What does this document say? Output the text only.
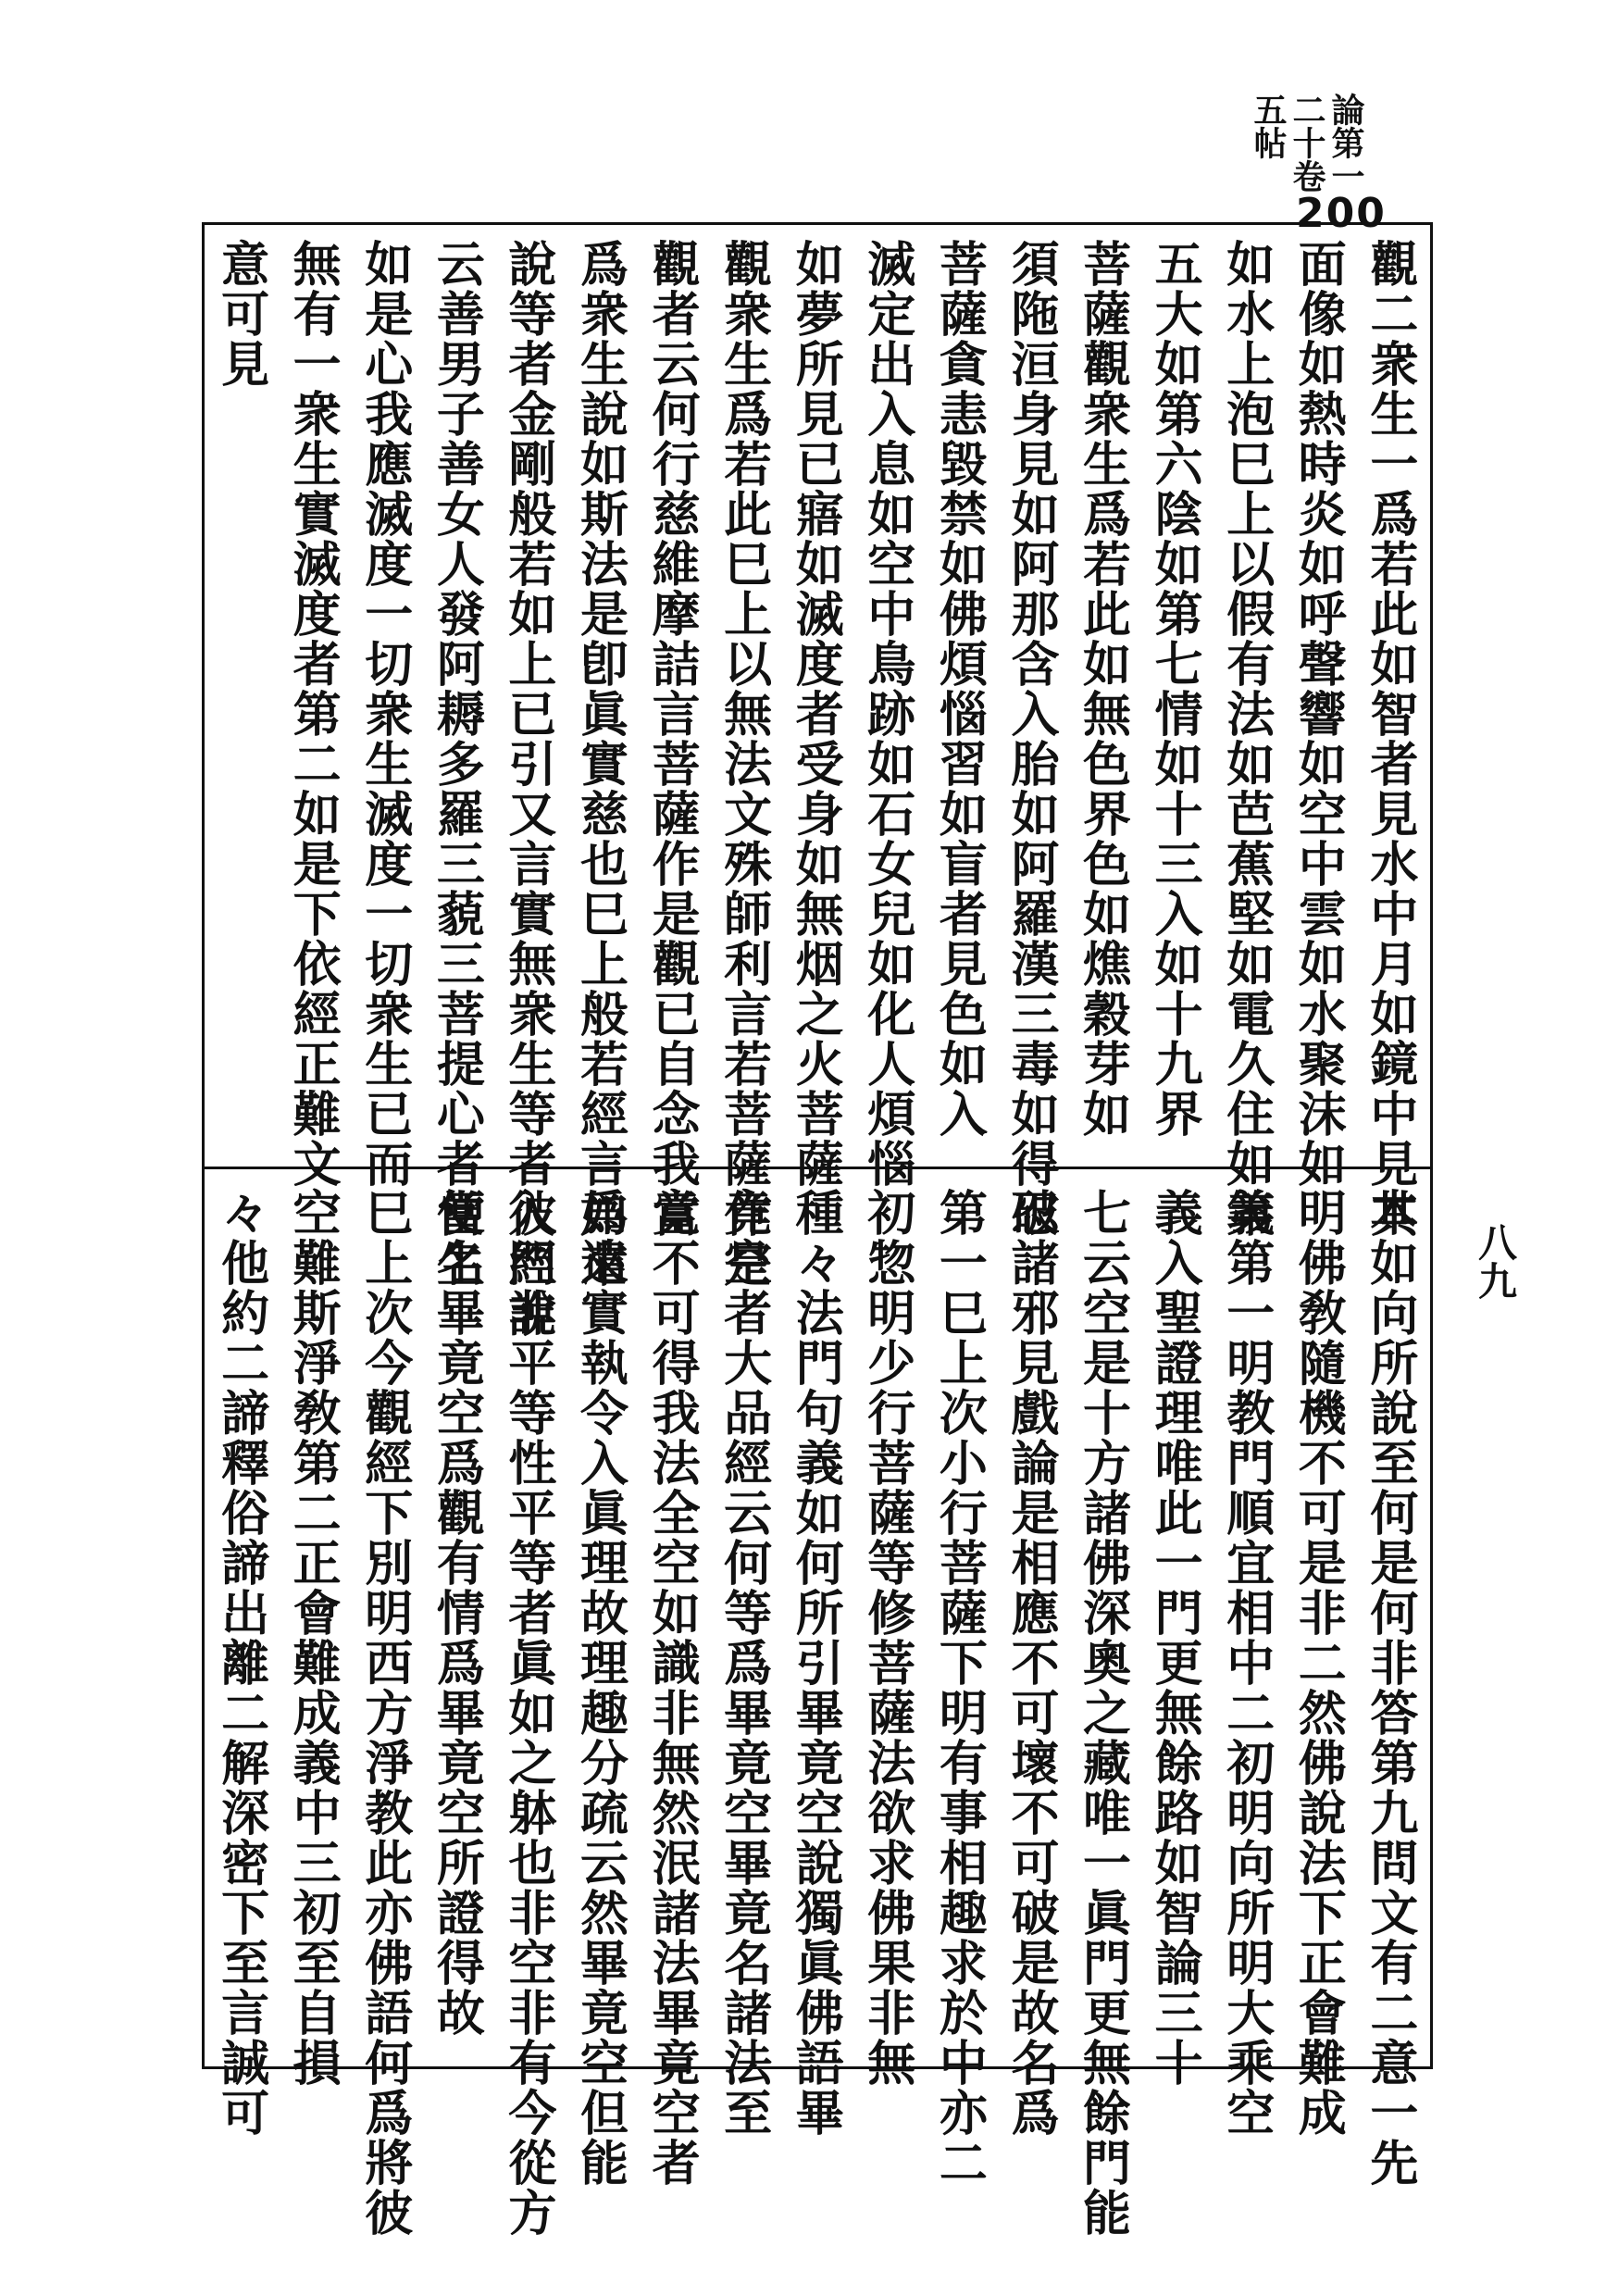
論第一
二十卷
五帖
200
觀二衆生一爲若此如智者見水中月如鏡中見其
面像如熱時炎如呼聲響如空中雲如水聚沫如
如水上泡巳上以假有法如芭蕉堅如電久住如第
五大如第六陰如第七情如十三入如十九界
菩薩觀衆生爲若此如無色界色如燋穀芽如
須陁洹身見如阿那含入胎如阿羅漢三毒如得忍
菩薩貪恚毀禁如佛煩惱習如盲者見色如入
滅定出入息如空中鳥跡如石女兒如化人煩惱
如夢所見已寤如滅度者受身如無烟之火菩薩
觀衆生爲若此巳上以無法文殊師利言若菩薩作是
觀者云何行慈維摩詰言菩薩作是觀已自念我當
爲衆生說如斯法是卽眞實慈也巳上般若經言如來
說等者金剛般若如上已引又言實無衆生等者彼經說
云善男子善女人發阿耨多羅三藐三菩提心者當生
如是心我應滅度一切衆生滅度一切衆生已而
無有一衆生實滅度者第二如是下依經正難文
意可見
本如向所說至何是何非答第九問文有二意一先
明佛敎隨機不可是非二然佛說法下正會難成
義第一明教門順宜相中二初明向所明大乘空
義入聖證理唯此一門更無餘路如智論三十
七云空是十方諸佛深奧之藏唯一眞門更無餘門能
破諸邪見戲論是相應不可壞不可破是故名爲
第一巳上次小行菩薩下明有事相趣求於中亦二
初惣明少行菩薩等修菩薩法欲求佛果非無
種々法門句義如何所引畢竟空說獨眞佛語畢
竟空者大品經云何等爲畢竟空畢竟名諸法至
竟不可得我法全空如識非無然泯諸法畢竟空者
爲遣實執令入眞理故理趣分疏云然畢竟空但能
入門非平等性平等者眞如之躰也非空非有今從方
便名畢竟空爲觀有情爲畢竟空所證得故
巳上次今觀經下別明西方淨教此亦佛語何爲將彼
空難斯淨敎第二正會難成義中三初至自損
々他約二諦釋俗諦出離二解深密下至言誠可	八九
